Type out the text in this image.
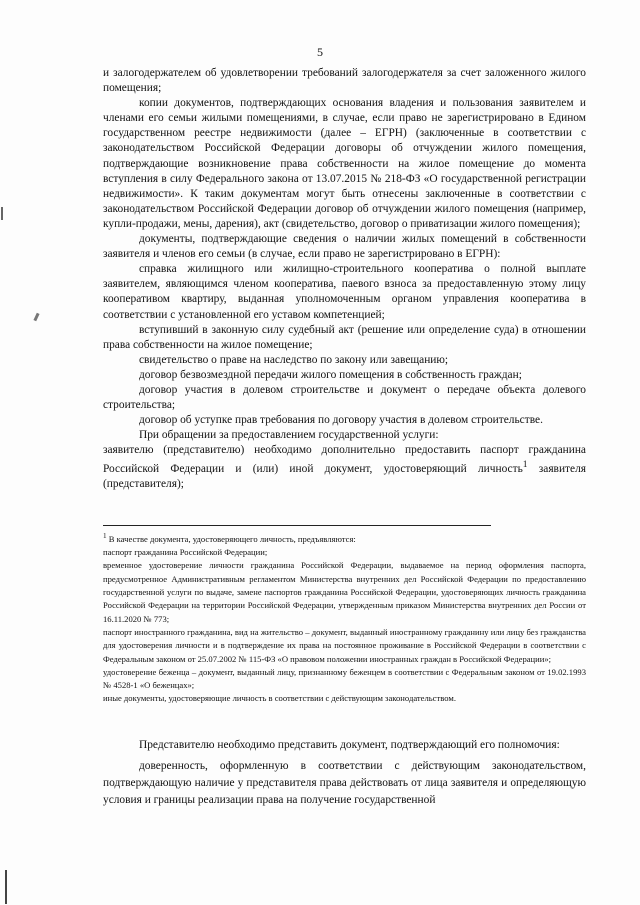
5

и залогодержателем об удовлетворении требований залогодержателя за счет заложенного жилого помещения;

копии документов, подтверждающих основания владения и пользования заявителем и членами его семьи жилыми помещениями, в случае, если право не зарегистрировано в Едином государственном реестре недвижимости (далее – ЕГРН) (заключенные в соответствии с законодательством Российской Федерации договоры об отчуждении жилого помещения, подтверждающие возникновение права собственности на жилое помещение до момента вступления в силу Федерального закона от 13.07.2015 № 218-ФЗ «О государственной регистрации недвижимости». К таким документам могут быть отнесены заключенные в соответствии с законодательством Российской Федерации договор об отчуждении жилого помещения (например, купли-продажи, мены, дарения), акт (свидетельство, договор о приватизации жилого помещения);

документы, подтверждающие сведения о наличии жилых помещений в собственности заявителя и членов его семьи (в случае, если право не зарегистрировано в ЕГРН):

справка жилищного или жилищно-строительного кооператива о полной выплате заявителем, являющимся членом кооператива, паевого взноса за предоставленную этому лицу кооперативом квартиру, выданная уполномоченным органом управления кооператива в соответствии с установленной его уставом компетенцией;

вступивший в законную силу судебный акт (решение или определение суда) в отношении права собственности на жилое помещение;

свидетельство о праве на наследство по закону или завещанию;

договор безвозмездной передачи жилого помещения в собственность граждан;

договор участия в долевом строительстве и документ о передаче объекта долевого строительства;

договор об уступке прав требования по договору участия в долевом строительстве.

При обращении за предоставлением государственной услуги:

заявителю (представителю) необходимо дополнительно предоставить паспорт гражданина Российской Федерации и (или) иной документ, удостоверяющий личность$^1$ заявителя (представителя);

$^1$ В качестве документа, удостоверяющего личность, предъявляются:

паспорт гражданина Российской Федерации;

временное удостоверение личности гражданина Российской Федерации, выдаваемое на период оформления паспорта, предусмотренное Административным регламентом Министерства внутренних дел Российской Федерации по предоставлению государственной услуги по выдаче, замене паспортов гражданина Российской Федерации, удостоверяющих личность гражданина Российской Федерации на территории Российской Федерации, утвержденным приказом Министерства внутренних дел России от 16.11.2020 № 773;

паспорт иностранного гражданина, вид на жительство – документ, выданный иностранному гражданину или лицу без гражданства для удостоверения личности и в подтверждение их права на постоянное проживание в Российской Федерации в соответствии с Федеральным законом от 25.07.2002 № 115-ФЗ «О правовом положении иностранных граждан в Российской Федерации»;

удостоверение беженца – документ, выданный лицу, признанному беженцем в соответствии с Федеральным законом от 19.02.1993 № 4528-1 «О беженцах»;

иные документы, удостоверяющие личность в соответствии с действующим законодательством.

Представителю необходимо представить документ, подтверждающий его полномочия:

доверенность, оформленную в соответствии с действующим законодательством, подтверждающую наличие у представителя права действовать от лица заявителя и определяющую условия и границы реализации права на получение государственной
